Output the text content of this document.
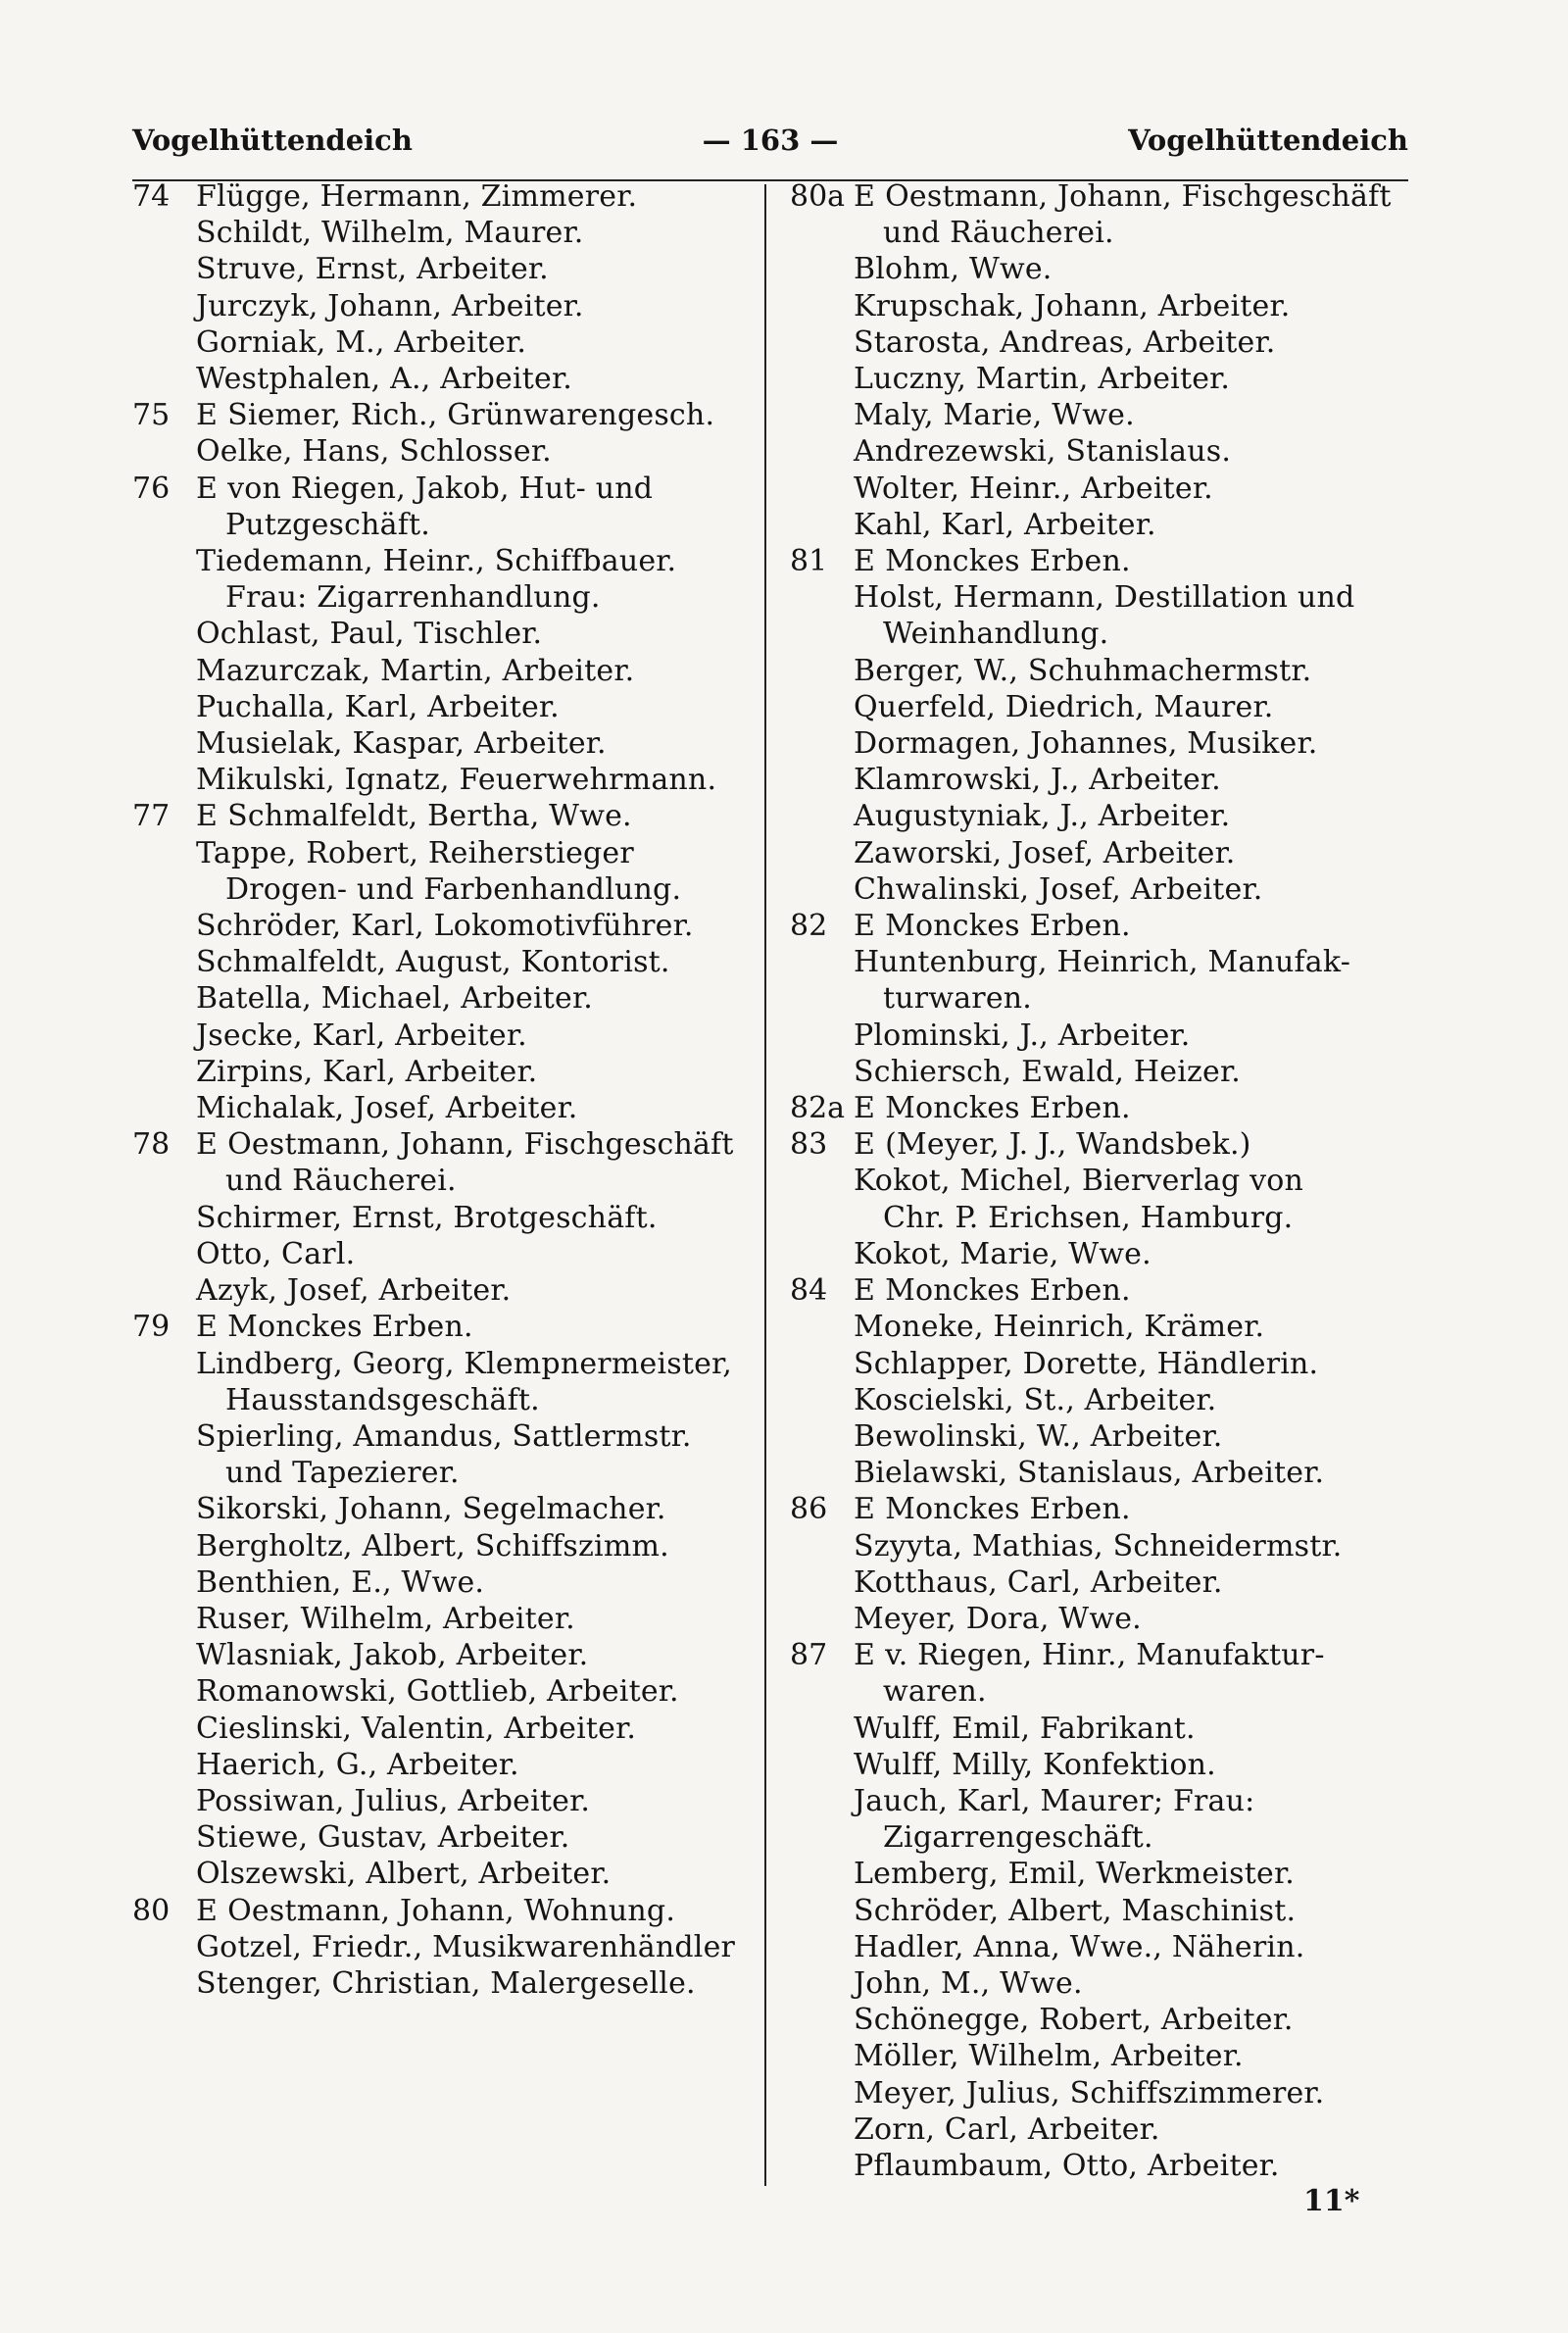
Vogelhüttendeich	— 163 —	Vogelhüttendeich
74 Flügge, Hermann, Zimmerer.
Schildt, Wilhelm, Maurer.
Struve, Ernst, Arbeiter.
Jurczyk, Johann, Arbeiter.
Gorniak, M., Arbeiter.
Westphalen, A., Arbeiter.
75 E Siemer, Rich., Grünwarengesch.
Oelke, Hans, Schlosser.
76 E von Riegen, Jakob, Hut- und
Putzgeschäft.
Tiedemann, Heinr., Schiffbauer.
Frau: Zigarrenhandlung.
Ochlast, Paul, Tischler.
Mazurczak, Martin, Arbeiter.
Puchalla, Karl, Arbeiter.
Musielak, Kaspar, Arbeiter.
Mikulski, Ignatz, Feuerwehrmann.
77 E Schmalfeldt, Bertha, Wwe.
Tappe, Robert, Reiherstieger
Drogen- und Farbenhandlung.
Schröder, Karl, Lokomotivführer.
Schmalfeldt, August, Kontorist.
Batella, Michael, Arbeiter.
Jsecke, Karl, Arbeiter.
Zirpins, Karl, Arbeiter.
Michalak, Josef, Arbeiter.
78 E Oestmann, Johann, Fischgeschäft
und Räucherei.
Schirmer, Ernst, Brotgeschäft.
Otto, Carl.
Azyk, Josef, Arbeiter.
79 E Monckes Erben.
Lindberg, Georg, Klempnermeister,
Hausstandsgeschäft.
Spierling, Amandus, Sattlermstr.
und Tapezierer.
Sikorski, Johann, Segelmacher.
Bergholtz, Albert, Schiffszimm.
Benthien, E., Wwe.
Ruser, Wilhelm, Arbeiter.
Wlasniak, Jakob, Arbeiter.
Romanowski, Gottlieb, Arbeiter.
Cieslinski, Valentin, Arbeiter.
Haerich, G., Arbeiter.
Possiwan, Julius, Arbeiter.
Stiewe, Gustav, Arbeiter.
Olszewski, Albert, Arbeiter.
80 E Oestmann, Johann, Wohnung.
Gotzel, Friedr., Musikwarenhändler
Stenger, Christian, Malergeselle.
80a E Oestmann, Johann, Fischgeschäft
und Räucherei.
Blohm, Wwe.
Krupschak, Johann, Arbeiter.
Starosta, Andreas, Arbeiter.
Luczny, Martin, Arbeiter.
Maly, Marie, Wwe.
Andrezewski, Stanislaus.
Wolter, Heinr., Arbeiter.
Kahl, Karl, Arbeiter.
81 E Monckes Erben.
Holst, Hermann, Destillation und
Weinhandlung.
Berger, W., Schuhmachermstr.
Querfeld, Diedrich, Maurer.
Dormagen, Johannes, Musiker.
Klamrowski, J., Arbeiter.
Augustyniak, J., Arbeiter.
Zaworski, Josef, Arbeiter.
Chwalinski, Josef, Arbeiter.
82 E Monckes Erben.
Huntenburg, Heinrich, Manufak-
turwaren.
Plominski, J., Arbeiter.
Schiersch, Ewald, Heizer.
82a E Monckes Erben.
83 E (Meyer, J. J., Wandsbek.)
Kokot, Michel, Bierverlag von
Chr. P. Erichsen, Hamburg.
Kokot, Marie, Wwe.
84 E Monckes Erben.
Moneke, Heinrich, Krämer.
Schlapper, Dorette, Händlerin.
Koscielski, St., Arbeiter.
Bewolinski, W., Arbeiter.
Bielawski, Stanislaus, Arbeiter.
86 E Monckes Erben.
Szyyta, Mathias, Schneidermstr.
Kotthaus, Carl, Arbeiter.
Meyer, Dora, Wwe.
87 E v. Riegen, Hinr., Manufaktur-
waren.
Wulff, Emil, Fabrikant.
Wulff, Milly, Konfektion.
Jauch, Karl, Maurer; Frau:
Zigarrengeschäft.
Lemberg, Emil, Werkmeister.
Schröder, Albert, Maschinist.
Hadler, Anna, Wwe., Näherin.
John, M., Wwe.
Schönegge, Robert, Arbeiter.
Möller, Wilhelm, Arbeiter.
Meyer, Julius, Schiffszimmerer.
Zorn, Carl, Arbeiter.
Pflaumbaum, Otto, Arbeiter.
11*
